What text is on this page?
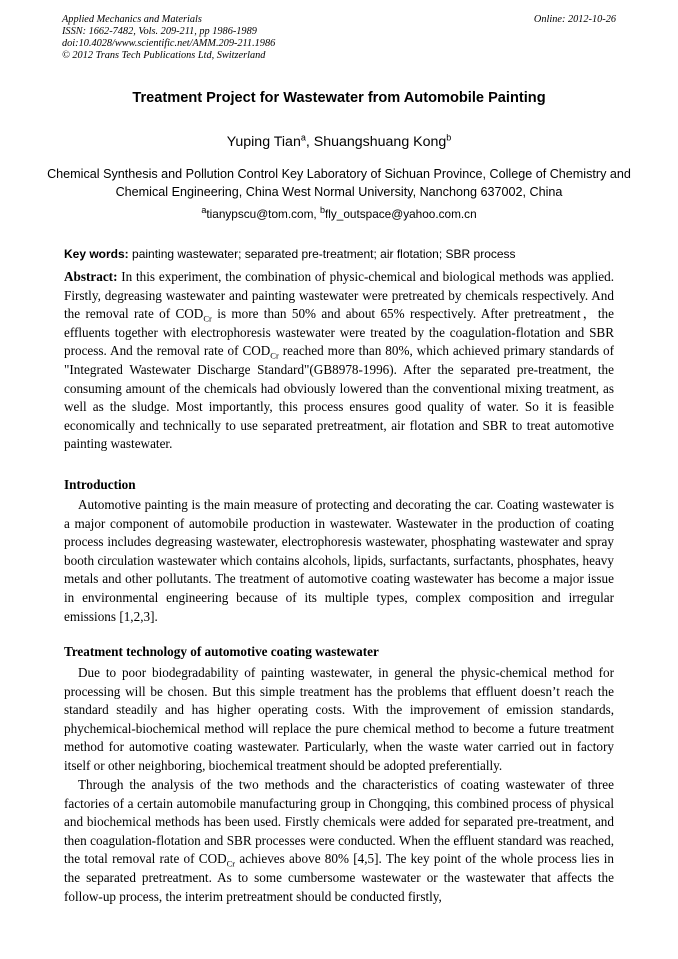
Applied Mechanics and Materials
ISSN: 1662-7482, Vols. 209-211, pp 1986-1989
doi:10.4028/www.scientific.net/AMM.209-211.1986
© 2012 Trans Tech Publications Ltd, Switzerland
Online: 2012-10-26
Treatment Project for Wastewater from Automobile Painting
Yuping Tian$^a$, Shuangshuang Kong$^b$
Chemical Synthesis and Pollution Control Key Laboratory of Sichuan Province, College of Chemistry and Chemical Engineering, China West Normal University, Nanchong 637002, China
$^a$tianypscu@tom.com, $^b$fly_outspace@yahoo.com.cn
Key words: painting wastewater; separated pre-treatment; air flotation; SBR process
Abstract: In this experiment, the combination of physic-chemical and biological methods was applied. Firstly, degreasing wastewater and painting wastewater were pretreated by chemicals respectively. And the removal rate of $COD_{Cr}$ is more than 50% and about 65% respectively. After pretreatment，the effluents together with electrophoresis wastewater were treated by the coagulation-flotation and SBR process. And the removal rate of $COD_{Cr}$ reached more than 80%, which achieved primary standards of "Integrated Wastewater Discharge Standard"(GB8978-1996). After the separated pre-treatment, the consuming amount of the chemicals had obviously lowered than the conventional mixing treatment, as well as the sludge. Most importantly, this process ensures good quality of water. So it is feasible economically and technically to use separated pretreatment, air flotation and SBR to treat automotive painting wastewater.
Introduction
Automotive painting is the main measure of protecting and decorating the car. Coating wastewater is a major component of automobile production in wastewater. Wastewater in the production of coating process includes degreasing wastewater, electrophoresis wastewater, phosphating wastewater and spray booth circulation wastewater which contains alcohols, lipids, surfactants, surfactants, phosphates, heavy metals and other pollutants. The treatment of automotive coating wastewater has become a major issue in environmental engineering because of its multiple types, complex composition and irregular emissions [1,2,3].
Treatment technology of automotive coating wastewater
Due to poor biodegradability of painting wastewater, in general the physic-chemical method for processing will be chosen. But this simple treatment has the problems that effluent doesn’t reach the standard steadily and has higher operating costs. With the improvement of emission standards, phychemical-biochemical method will replace the pure chemical method to become a future treatment method for automotive coating wastewater. Particularly, when the waste water carried out in factory itself or other neighboring, biochemical treatment should be adopted preferentially.
Through the analysis of the two methods and the characteristics of coating wastewater of three factories of a certain automobile manufacturing group in Chongqing, this combined process of physical and biochemical methods has been used. Firstly chemicals were added for separated pre-treatment, and then coagulation-flotation and SBR processes were conducted. When the effluent standard was reached, the total removal rate of $COD_{Cr}$ achieves above 80% [4,5]. The key point of the whole process lies in the separated pretreatment. As to some cumbersome wastewater or the wastewater that affects the follow-up process, the interim pretreatment should be conducted firstly,
